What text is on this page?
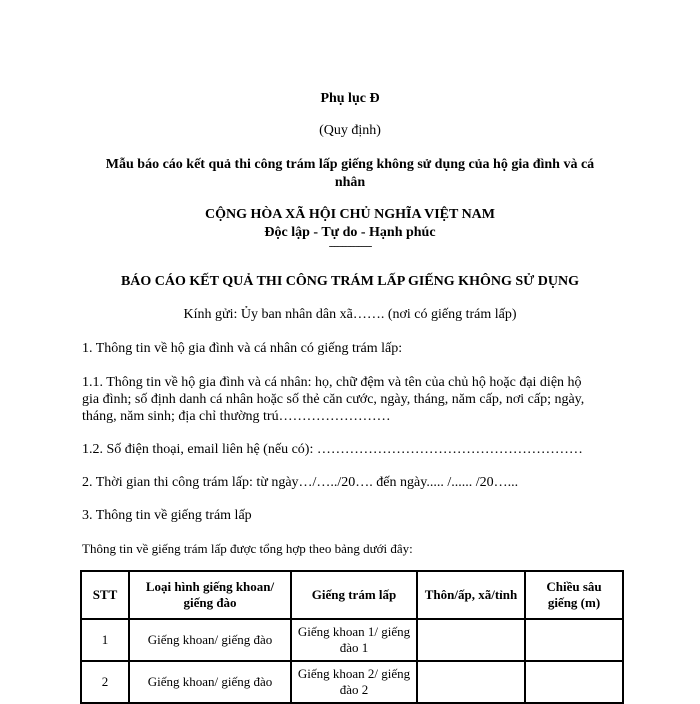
Phụ lục Đ
(Quy định)
Mẫu báo cáo kết quả thi công trám lấp giếng không sử dụng của hộ gia đình và cá
nhân
CỘNG HÒA XÃ HỘI CHỦ NGHĨA VIỆT NAM
Độc lập - Tự do - Hạnh phúc
----------------
BÁO CÁO KẾT QUẢ THI CÔNG TRÁM LẤP GIẾNG KHÔNG SỬ DỤNG
Kính gửi: Ủy ban nhân dân xã……. (nơi có giếng trám lấp)
1. Thông tin về hộ gia đình và cá nhân có giếng trám lấp:
1.1. Thông tin về hộ gia đình và cá nhân: họ, chữ đệm và tên của chủ hộ hoặc đại diện hộ
gia đình; số định danh cá nhân hoặc số thẻ căn cước, ngày, tháng, năm cấp, nơi cấp; ngày,
tháng, năm sinh; địa chỉ thường trú……………………
1.2. Số điện thoại, email liên hệ (nếu có): …………………………………………………
2. Thời gian thi công trám lấp: từ ngày…/…../20…. đến ngày..... /...... /20…...
3. Thông tin về giếng trám lấp
Thông tin về giếng trám lấp được tổng hợp theo bảng dưới đây:
STT	Loại hình giếng khoan/ giếng đào	Giếng trám lấp	Thôn/ấp, xã/tỉnh	Chiều sâu giếng (m)
1	Giếng khoan/ giếng đào	Giếng khoan 1/ giếng đào 1		
2	Giếng khoan/ giếng đào	Giếng khoan 2/ giếng đào 2		
